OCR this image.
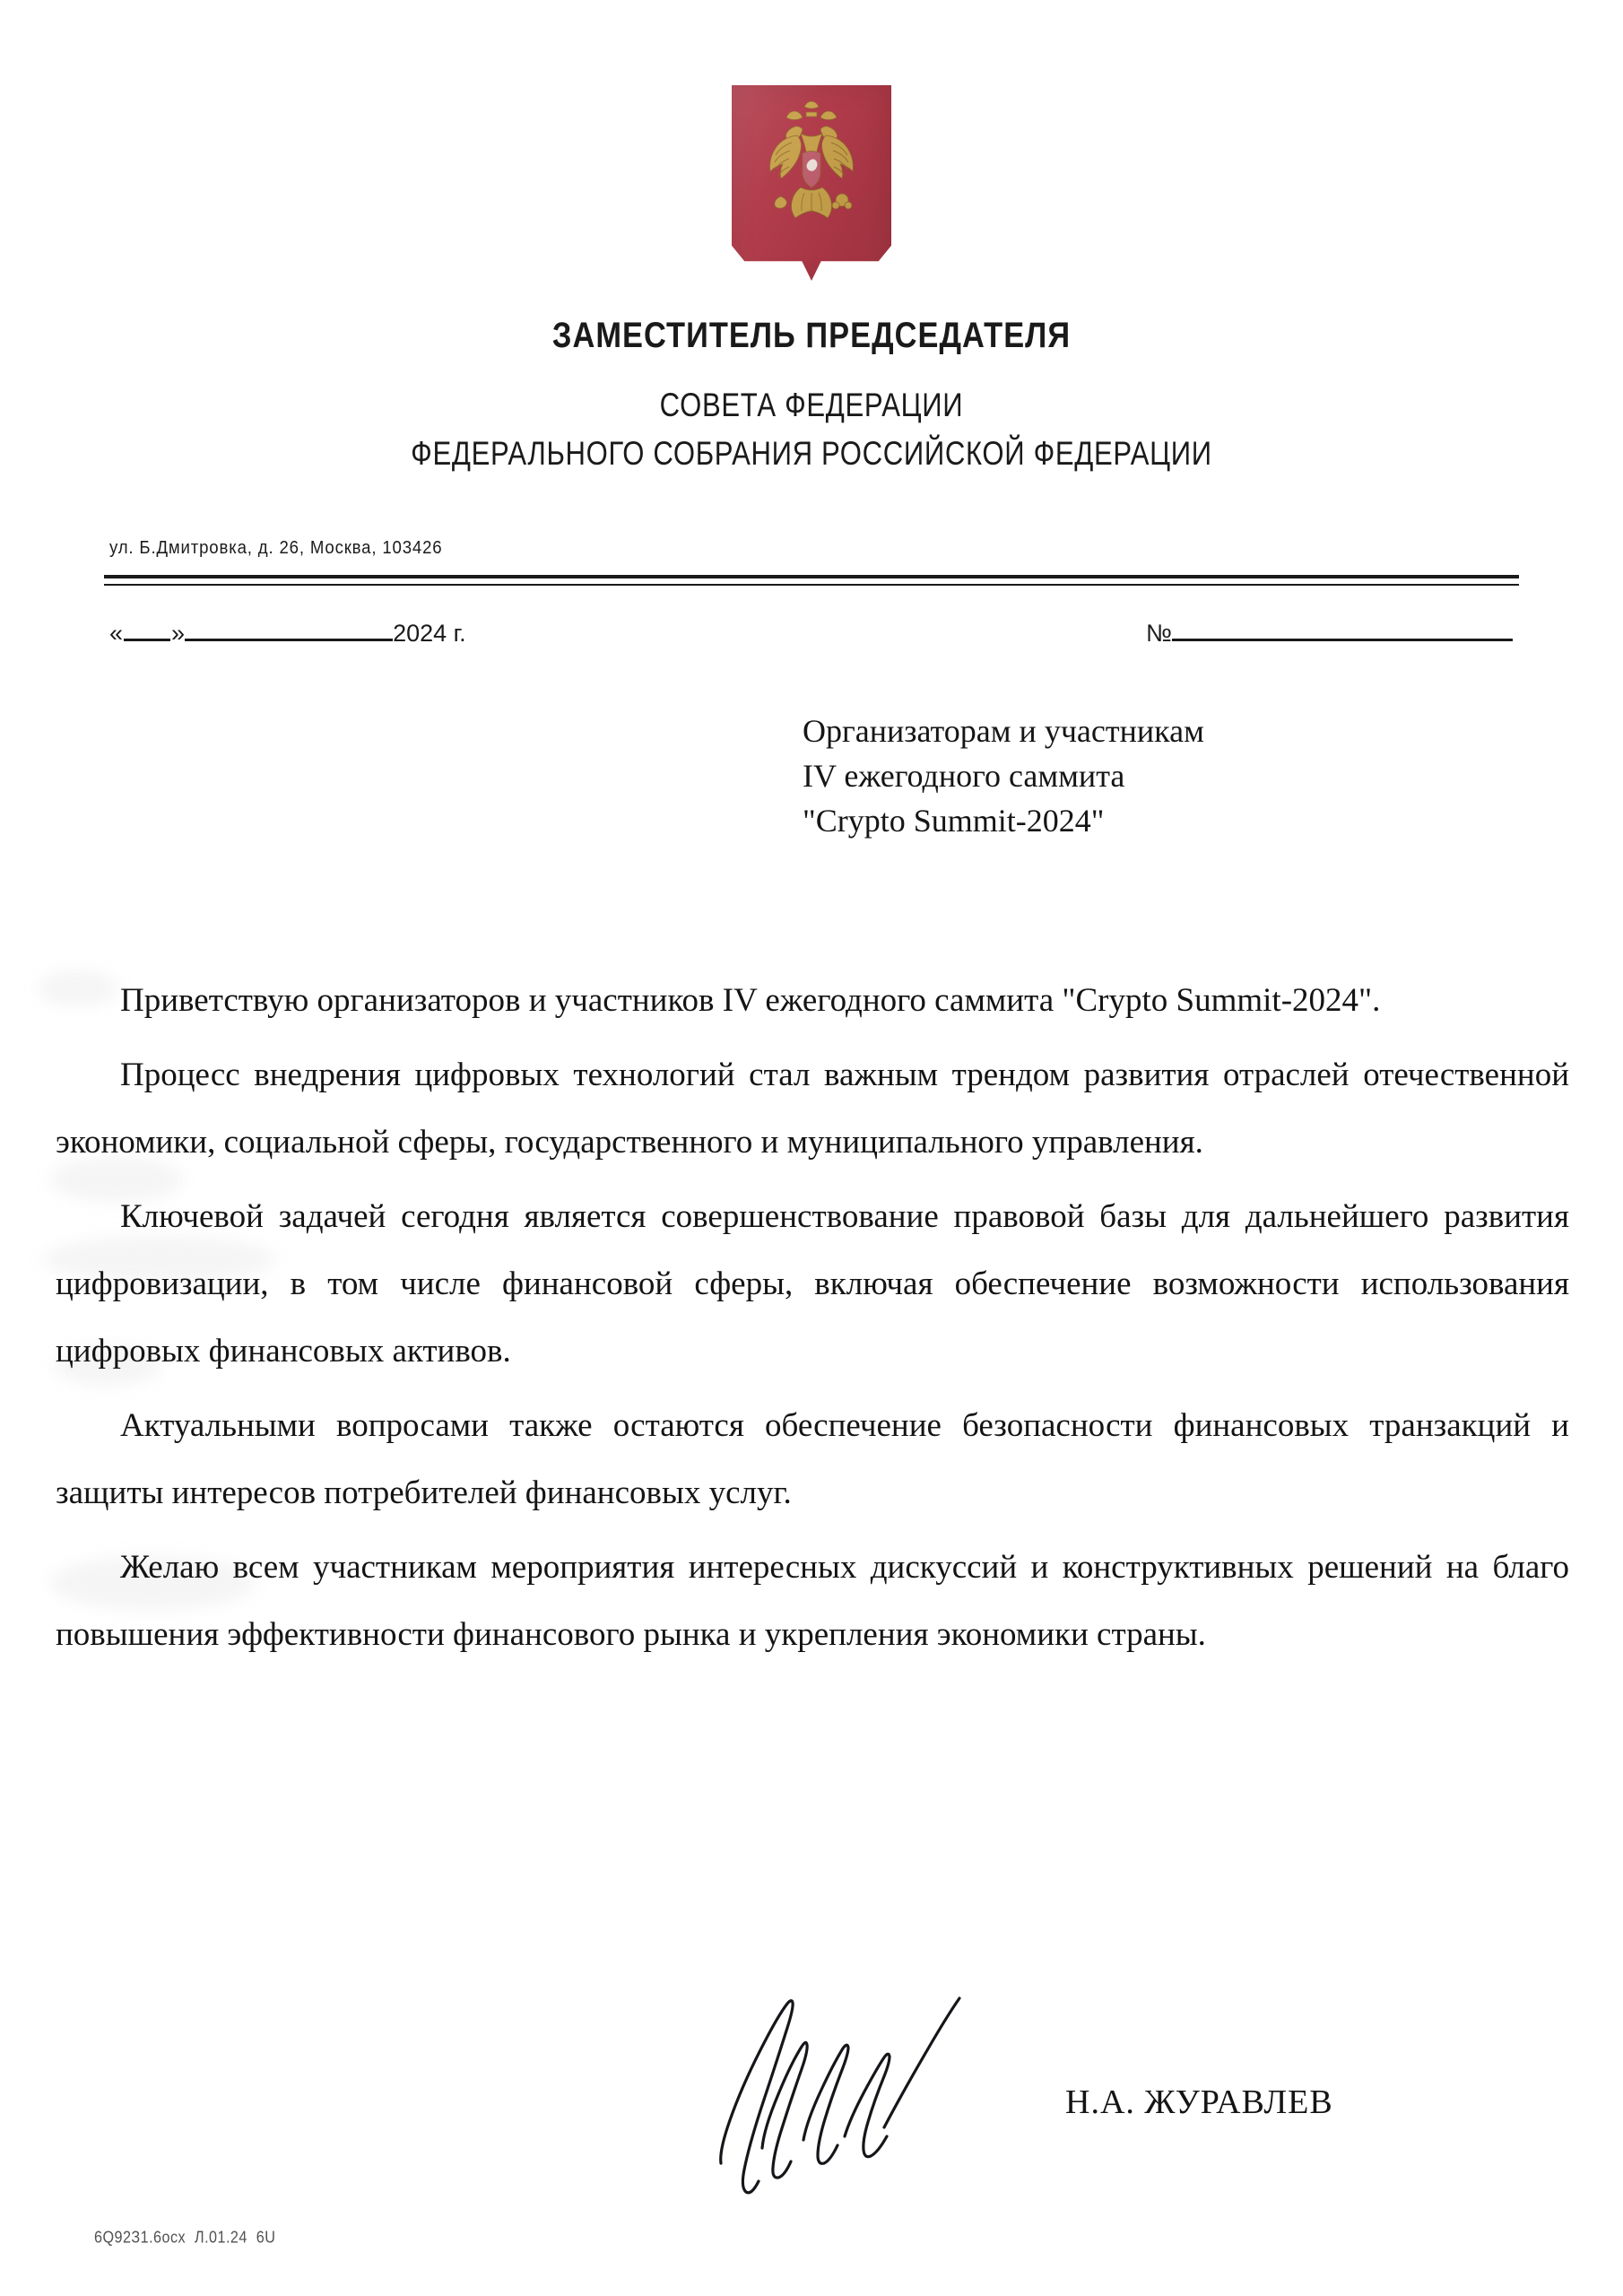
ЗАМЕСТИТЕЛЬ ПРЕДСЕДАТЕЛЯ
СОВЕТА ФЕДЕРАЦИИ
ФЕДЕРАЛЬНОГО СОБРАНИЯ РОССИЙСКОЙ ФЕДЕРАЦИИ
ул. Б.Дмитровка, д. 26, Москва, 103426
« »	2024 г.	№
Организаторам и участникам
IV ежегодного саммита
"Crypto Summit-2024"

Приветствую организаторов и участников IV ежегодного саммита "Crypto Summit-2024".

Процесс внедрения цифровых технологий стал важным трендом развития отраслей отечественной экономики, социальной сферы, государственного и муниципального управления.

Ключевой задачей сегодня является совершенствование правовой базы для дальнейшего развития цифровизации, в том числе финансовой сферы, включая обеспечение возможности использования цифровых финансовых активов.

Актуальными вопросами также остаются обеспечение безопасности финансовых транзакций и защиты интересов потребителей финансовых услуг.

Желаю всем участникам мероприятия интересных дискуссий и конструктивных решений на благо повышения эффективности финансового рынка и укрепления экономики страны.

Н.А. ЖУРАВЛЕВ
6Q92З1.6ocx  Л.01.24  6U
